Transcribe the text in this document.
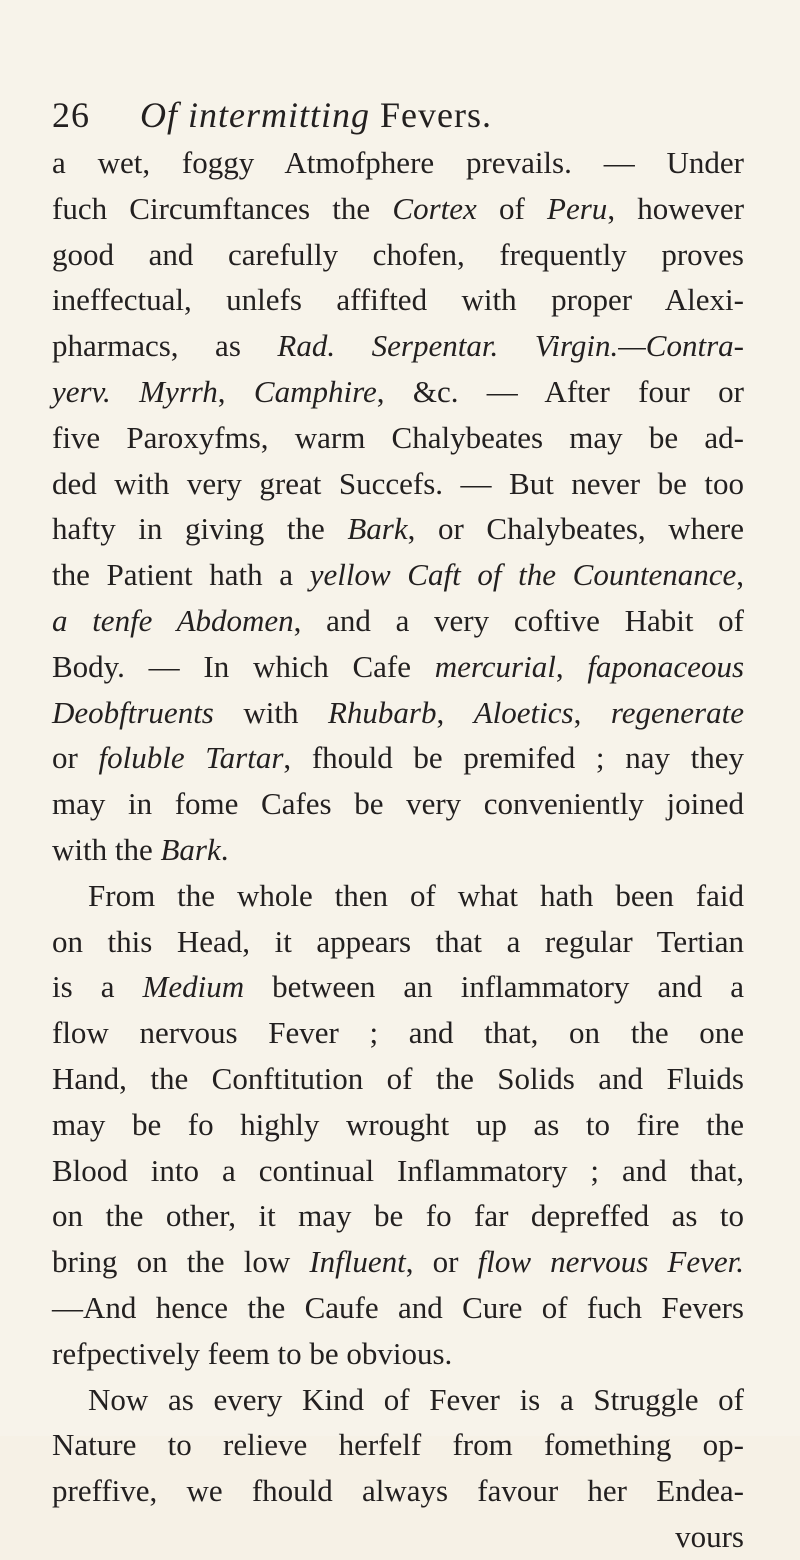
26 Of intermitting Fevers.
a wet, foggy Atmofphere prevails. — Under
fuch Circumftances the Cortex of Peru, however
good and carefully chofen, frequently proves
ineffectual, unlefs affifted with proper Alexi-
pharmacs, as Rad. Serpentar. Virgin.—Contra-
yerv. Myrrh, Camphire, &c. — After four or
five Paroxyfms, warm Chalybeates may be ad-
ded with very great Succefs. — But never be too
hafty in giving the Bark, or Chalybeates, where
the Patient hath a yellow Caft of the Countenance,
a tenfe Abdomen, and a very coftive Habit of
Body. — In which Cafe mercurial, faponaceous
Deobftruents with Rhubarb, Aloetics, regenerate
or foluble Tartar, fhould be premifed ; nay they
may in fome Cafes be very conveniently joined
with the Bark.
From the whole then of what hath been faid
on this Head, it appears that a regular Tertian
is a Medium between an inflammatory and a
flow nervous Fever ; and that, on the one
Hand, the Conftitution of the Solids and Fluids
may be fo highly wrought up as to fire the
Blood into a continual Inflammatory ; and that,
on the other, it may be fo far depreffed as to
bring on the low Influent, or flow nervous Fever.
—And hence the Caufe and Cure of fuch Fevers
refpectively feem to be obvious.
Now as every Kind of Fever is a Struggle of
Nature to relieve herfelf from fomething op-
preffive, we fhould always favour her Endea-
vours
